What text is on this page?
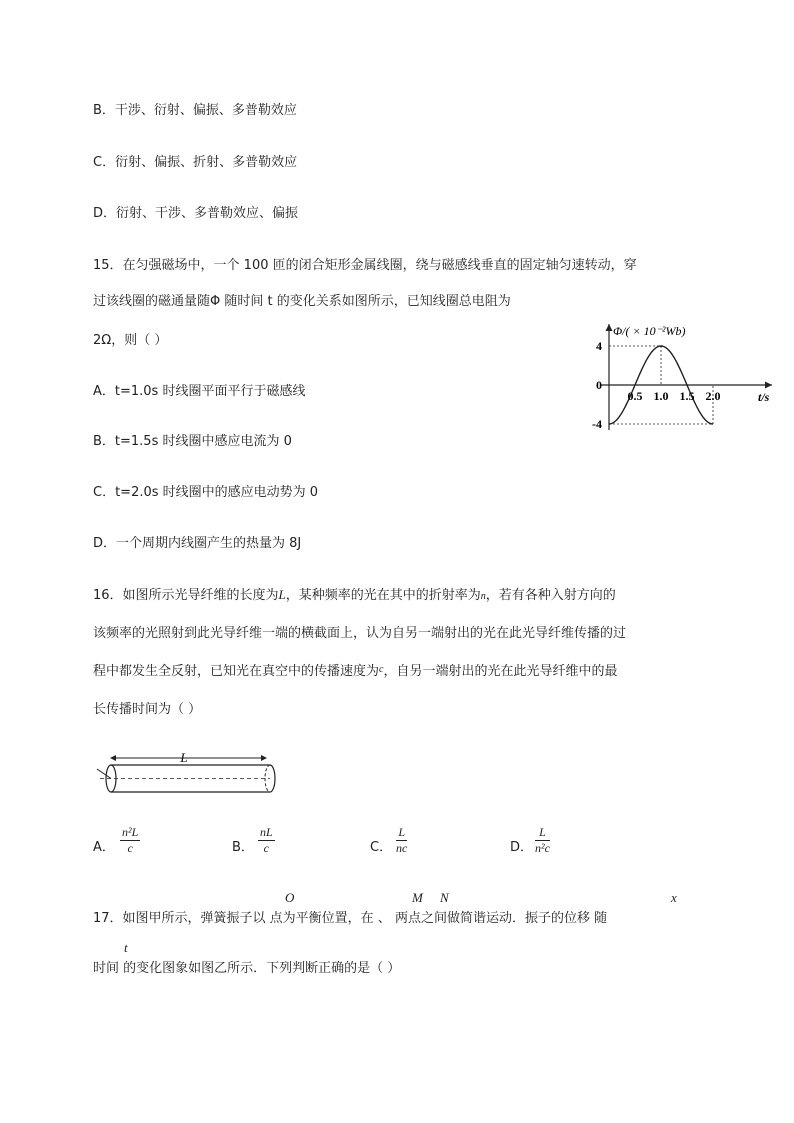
B．干涉、衍射、偏振、多普勒效应
C．衍射、偏振、折射、多普勒效应
D．衍射、干涉、多普勒效应、偏振
15．在匀强磁场中，一个 100 匝的闭合矩形金属线圈，绕与磁感线垂直的固定轴匀速转动，穿
过该线圈的磁通量随Φ 随时间 t 的变化关系如图所示，已知线圈总电阻为
2Ω，则（ ）
A．t=1.0s 时线圈平面平行于磁感线
B．t=1.5s 时线圈中感应电流为 0
C．t=2.0s 时线圈中的感应电动势为 0
D．一个周期内线圈产生的热量为 8J
Φ/( × 10⁻²Wb)
t/s
4
0
-4
0.5 1.0 1.5 2.0
16．如图所示光导纤维的长度为L，某种频率的光在其中的折射率为n，若有各种入射方向的
该频率的光照射到此光导纤维一端的横截面上，认为自另一端射出的光在此光导纤维传播的过
程中都发生全反射，已知光在真空中的传播速度为$^c$，自另一端射出的光在此光导纤维中的最
长传播时间为（ ）
L
A． $\frac{\text{n²L}}{c}$	B． $\frac{nL}{c}$	C． $\frac{L}{nc}$	D． $\frac{L}{\text{n²c}}$
O	M N	x
t
17．如图甲所示，弹簧振子以 点为平衡位置，在 、 两点之间做简谐运动．振子的位移 随
时间 的变化图象如图乙所示．下列判断正确的是（ ）
